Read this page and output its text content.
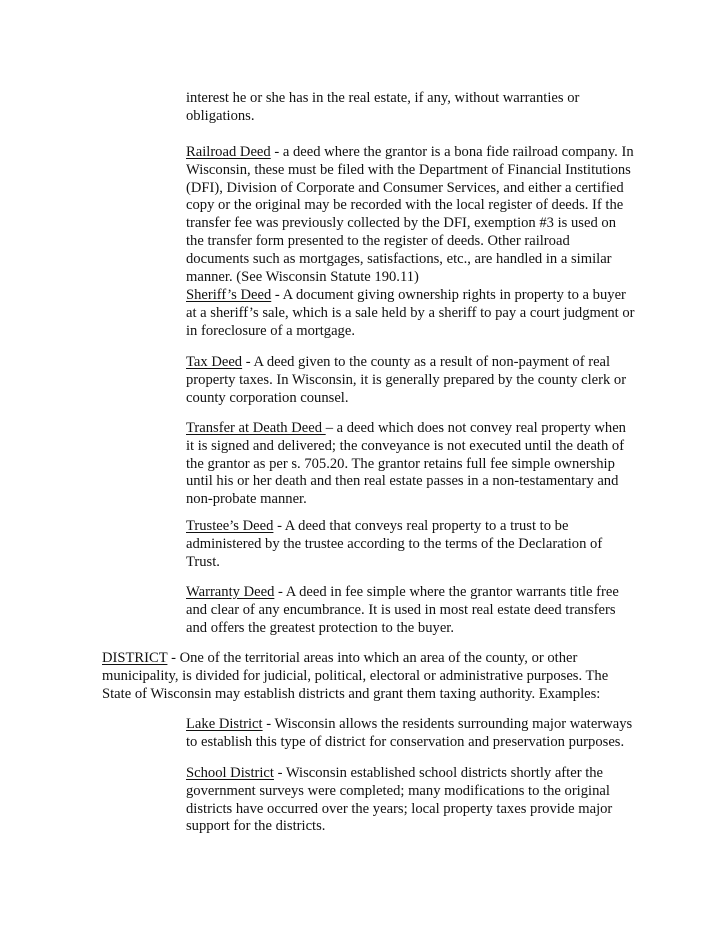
interest he or she has in the real estate, if any, without warranties or obligations.

Railroad Deed - a deed where the grantor is a bona fide railroad company. In Wisconsin, these must be filed with the Department of Financial Institutions (DFI), Division of Corporate and Consumer Services, and either a certified copy or the original may be recorded with the local register of deeds. If the transfer fee was previously collected by the DFI, exemption #3 is used on the transfer form presented to the register of deeds. Other railroad documents such as mortgages, satisfactions, etc., are handled in a similar manner. (See Wisconsin Statute 190.11)

Sheriff’s Deed - A document giving ownership rights in property to a buyer at a sheriff’s sale, which is a sale held by a sheriff to pay a court judgment or in foreclosure of a mortgage.

Tax Deed - A deed given to the county as a result of non-payment of real property taxes. In Wisconsin, it is generally prepared by the county clerk or county corporation counsel.

Transfer at Death Deed – a deed which does not convey real property when it is signed and delivered; the conveyance is not executed until the death of the grantor as per s. 705.20. The grantor retains full fee simple ownership until his or her death and then real estate passes in a non-testamentary and non-probate manner.

Trustee’s Deed - A deed that conveys real property to a trust to be administered by the trustee according to the terms of the Declaration of Trust.

Warranty Deed - A deed in fee simple where the grantor warrants title free and clear of any encumbrance. It is used in most real estate deed transfers and offers the greatest protection to the buyer.

DISTRICT - One of the territorial areas into which an area of the county, or other municipality, is divided for judicial, political, electoral or administrative purposes. The State of Wisconsin may establish districts and grant them taxing authority. Examples:

Lake District - Wisconsin allows the residents surrounding major waterways to establish this type of district for conservation and preservation purposes.

School District - Wisconsin established school districts shortly after the government surveys were completed; many modifications to the original districts have occurred over the years; local property taxes provide major support for the districts.
